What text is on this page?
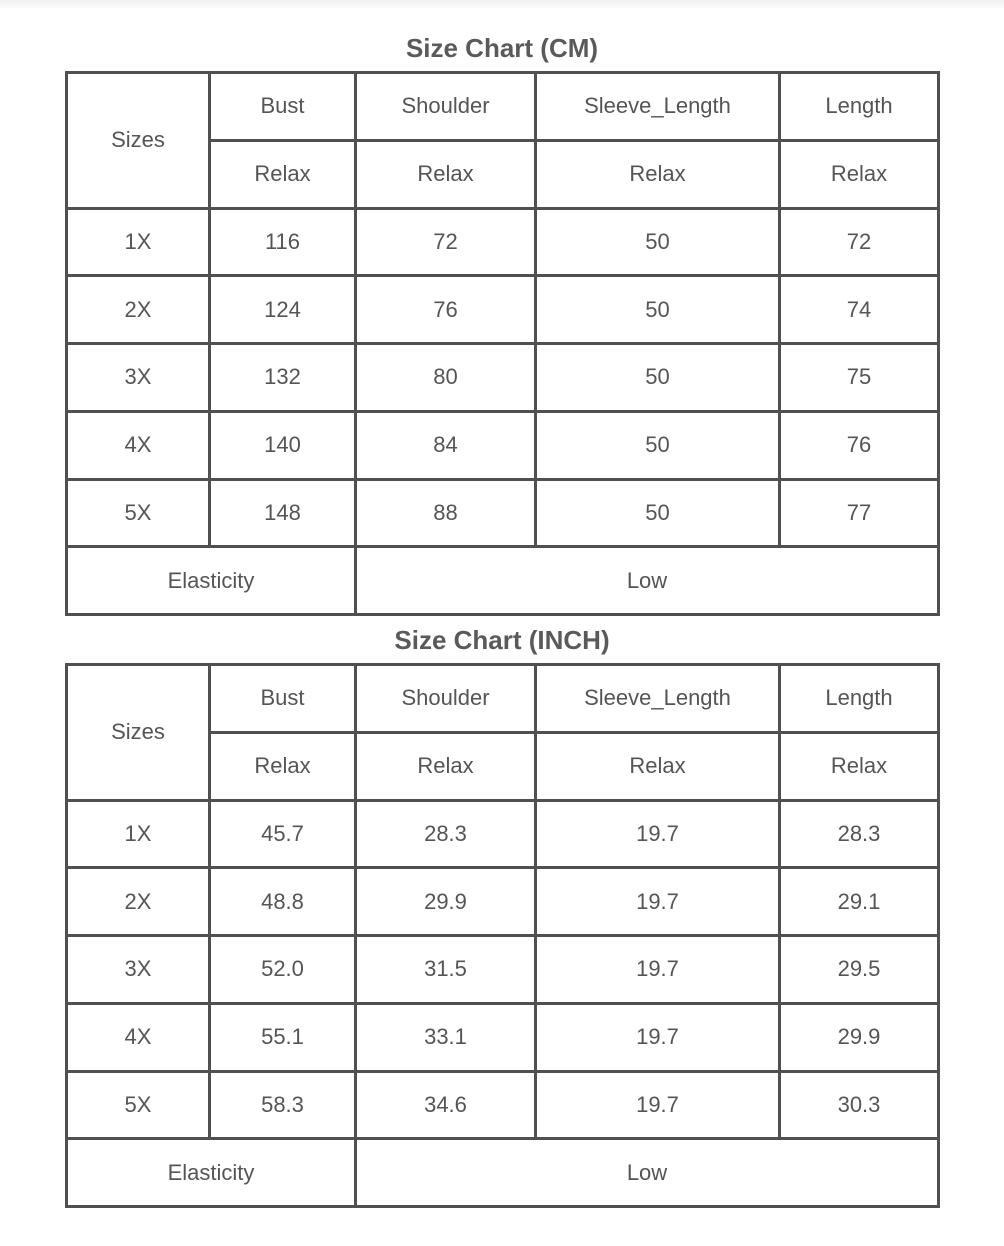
Size Chart (CM)
Sizes	Bust	Shoulder	Sleeve_Length	Length
	Relax	Relax	Relax	Relax
1X	116	72	50	72
2X	124	76	50	74
3X	132	80	50	75
4X	140	84	50	76
5X	148	88	50	77
Elasticity		Low		
Size Chart (INCH)
Sizes	Bust	Shoulder	Sleeve_Length	Length
	Relax	Relax	Relax	Relax
1X	45.7	28.3	19.7	28.3
2X	48.8	29.9	19.7	29.1
3X	52.0	31.5	19.7	29.5
4X	55.1	33.1	19.7	29.9
5X	58.3	34.6	19.7	30.3
Elasticity		Low		
